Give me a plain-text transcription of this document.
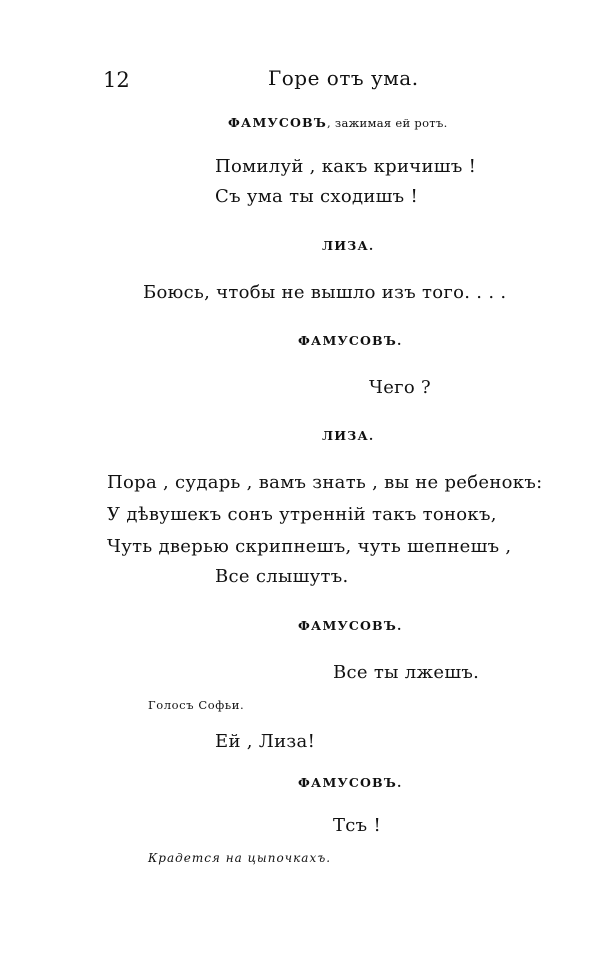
12	Горе отъ ума.
ФАМУСОВЪ, зажимая ей ротъ.
Помилуй , какъ кричишъ !
Съ ума ты сходишъ !
ЛИЗА.
Боюсь, чтобы не вышло изъ того. . . .
ФАМУСОВЪ.
Чего ?
ЛИЗА.
Пора , сударь , вамъ знать , вы не ребенокъ:
У дѣвушекъ сонъ утренній такъ тонокъ,
Чуть дверью скрипнешъ, чуть шепнешъ ,
Все слышутъ.
ФАМУСОВЪ.
Все ты лжешъ.
Голосъ Софьи.
Ей , Лиза!
ФАМУСОВЪ.
Тсъ !
Крадется на цыпочкахъ.
